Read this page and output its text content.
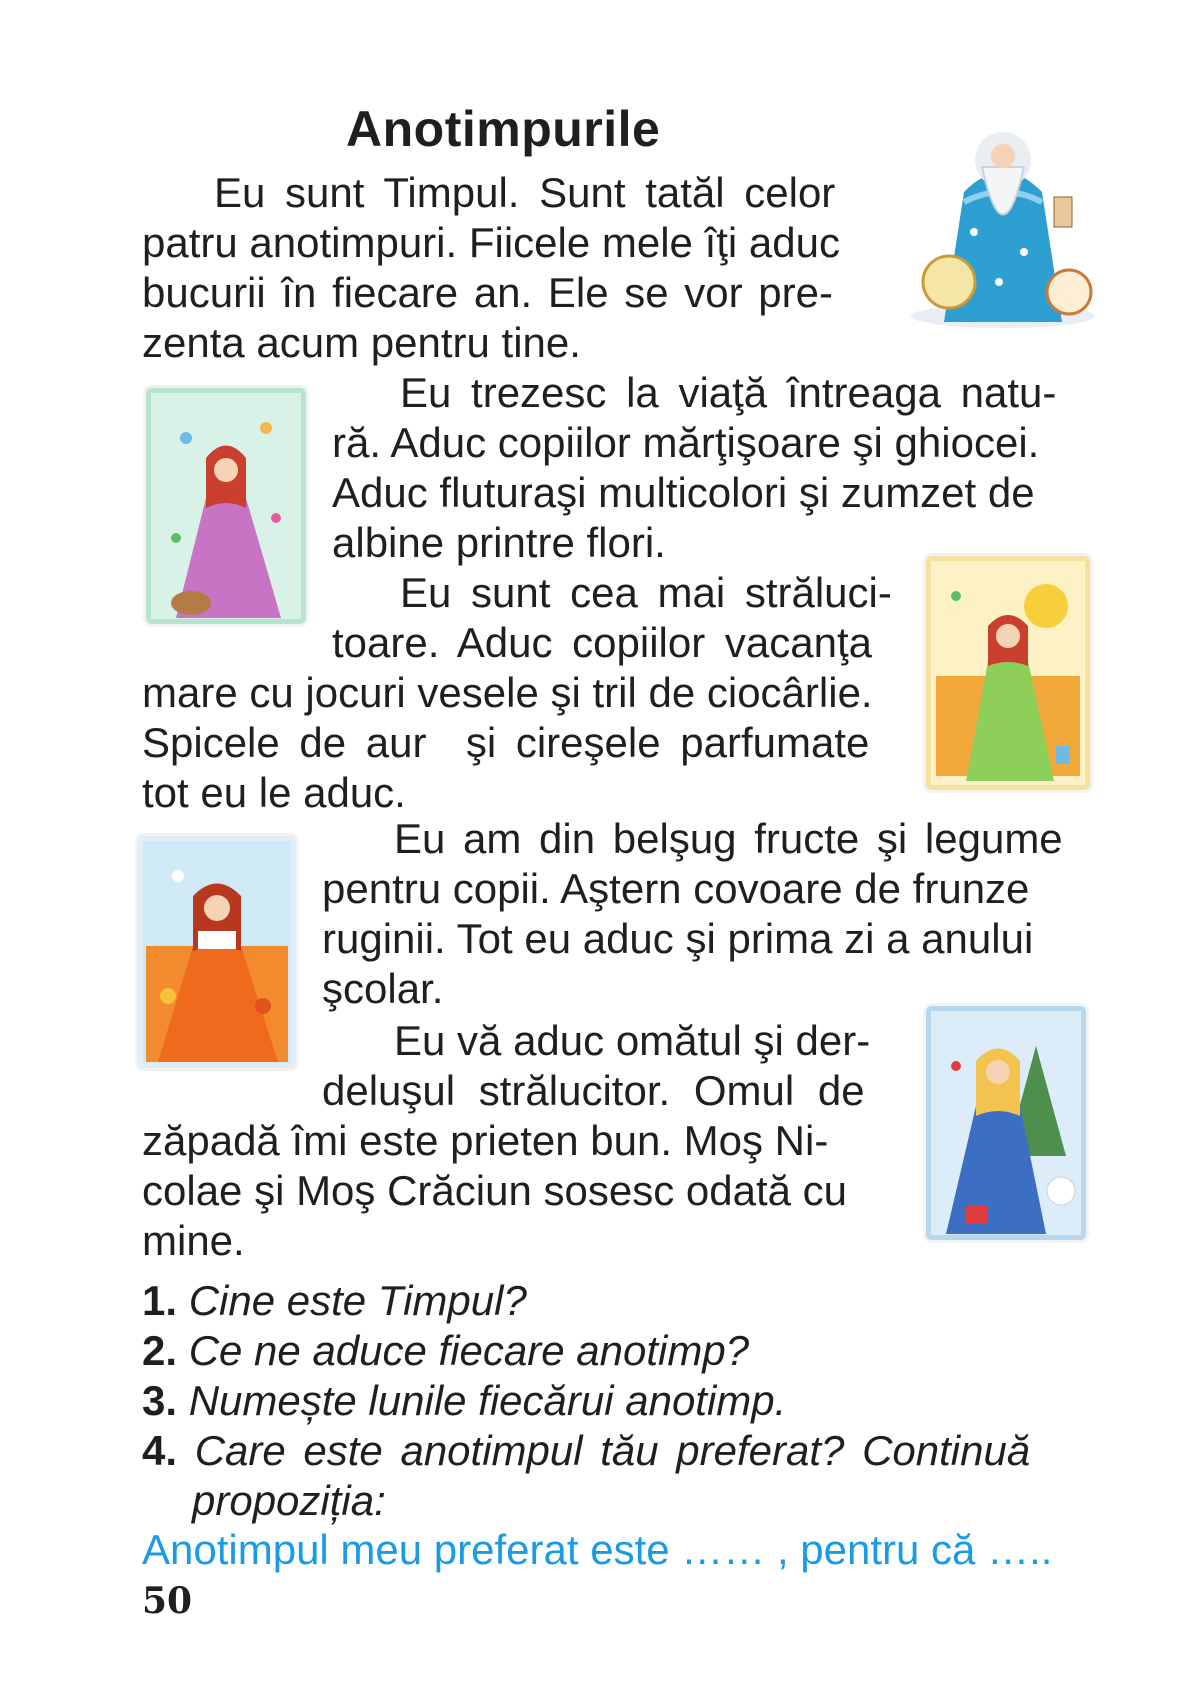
Anotimpurile
Eu sunt Timpul. Sunt tatăl celor
patru anotimpuri. Fiicele mele îţi aduc
bucurii în fiecare an. Ele se vor pre-
zenta acum pentru tine.
Eu trezesc la viaţă întreaga natu-
ră. Aduc copiilor mărţişoare şi ghiocei.
Aduc fluturaşi multicolori şi zumzet de
albine printre flori.
Eu sunt cea mai străluci-
toare. Aduc copiilor vacanţa
mare cu jocuri vesele şi tril de ciocârlie.
Spicele de aur  şi cireşele parfumate
tot eu le aduc.
Eu am din belşug fructe şi legume
pentru copii. Aştern covoare de frunze
ruginii. Tot eu aduc şi prima zi a anului
şcolar.
Eu vă aduc omătul şi der-
deluşul strălucitor. Omul de
zăpadă îmi este prieten bun. Moş Ni-
colae şi Moş Crăciun sosesc odată cu
mine.
1. Cine este Timpul?
2. Ce ne aduce fiecare anotimp?
3. Numește lunile fiecărui anotimp.
4. Care este anotimpul tău preferat? Continuă
propoziția:
Anotimpul meu preferat este …… , pentru că …..
50
